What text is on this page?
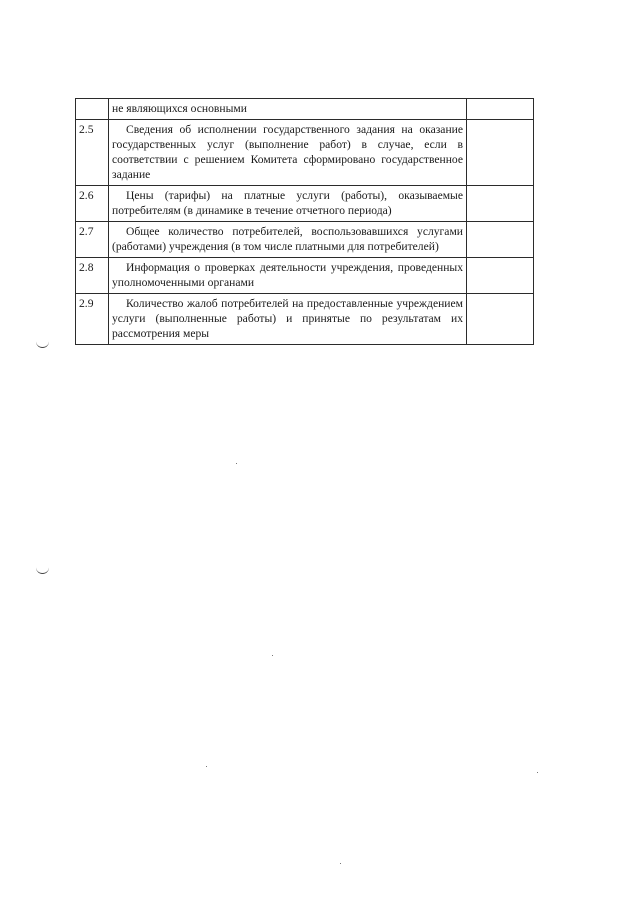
	не являющихся основными	
2.5	Сведения об исполнении государственного задания на оказание государственных услуг (выполнение работ) в случае, если в соответствии с решением Комитета сформировано государственное задание	
2.6	Цены (тарифы) на платные услуги (работы), оказываемые потребителям (в динамике в течение отчетного периода)	
2.7	Общее количество потребителей, воспользовавшихся услугами (работами) учреждения (в том числе платными для потребителей)	
2.8	Информация о проверках деятельности учреждения, проведенных уполномоченными органами	
2.9	Количество жалоб потребителей на предоставленные учреждением услуги (выполненные работы) и принятые по результатам их рассмотрения меры	
